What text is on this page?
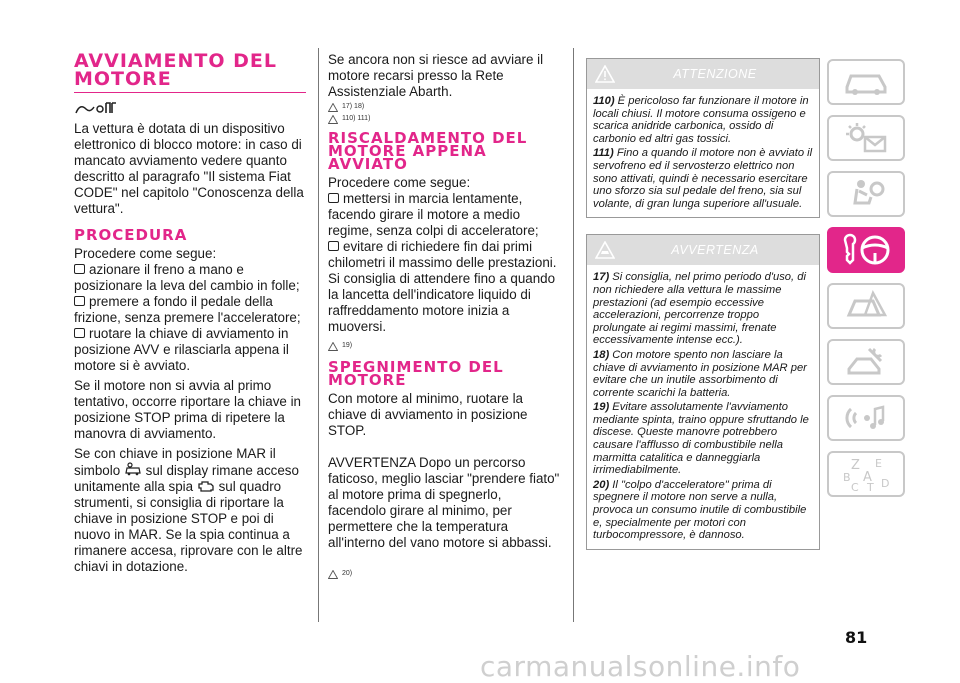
AVVIAMENTO DEL MOTORE

La vettura è dotata di un dispositivo elettronico di blocco motore: in caso di mancato avviamento vedere quanto descritto al paragrafo "Il sistema Fiat CODE" nel capitolo "Conoscenza della vettura".

PROCEDURA

Procedere come segue:

azionare il freno a mano e posizionare la leva del cambio in folle;

premere a fondo il pedale della frizione, senza premere l'acceleratore;

ruotare la chiave di avviamento in posizione AVV e rilasciarla appena il motore si è avviato.

Se il motore non si avvia al primo tentativo, occorre riportare la chiave in posizione STOP prima di ripetere la manovra di avviamento.

Se con chiave in posizione MAR il simbolo sul display rimane acceso unitamente alla spia sul quadro strumenti, si consiglia di riportare la chiave in posizione STOP e poi di nuovo in MAR. Se la spia continua a rimanere accesa, riprovare con le altre chiavi in dotazione.

Se ancora non si riesce ad avviare il motore recarsi presso la Rete Assistenziale Abarth.

17) 18)
110) 111)
RISCALDAMENTO DEL MOTORE APPENA AVVIATO

Procedere come segue:

mettersi in marcia lentamente, facendo girare il motore a medio regime, senza colpi di acceleratore;

evitare di richiedere fin dai primi chilometri il massimo delle prestazioni. Si consiglia di attendere fino a quando la lancetta dell'indicatore liquido di raffreddamento motore inizia a muoversi.

19)
SPEGNIMENTO DEL MOTORE

Con motore al minimo, ruotare la chiave di avviamento in posizione STOP.

AVVERTENZA Dopo un percorso faticoso, meglio lasciar "prendere fiato" al motore prima di spegnerlo, facendolo girare al minimo, per permettere che la temperatura all'interno del vano motore si abbassi.

20)
ATTENZIONE

110) È pericoloso far funzionare il motore in locali chiusi. Il motore consuma ossigeno e scarica anidride carbonica, ossido di carbonio ed altri gas tossici.

111) Fino a quando il motore non è avviato il servofreno ed il servosterzo elettrico non sono attivati, quindi è necessario esercitare uno sforzo sia sul pedale del freno, sia sul volante, di gran lunga superiore all'usuale.

AVVERTENZA

17) Si consiglia, nel primo periodo d'uso, di non richiedere alla vettura le massime prestazioni (ad esempio eccessive accelerazioni, percorrenze troppo prolungate ai regimi massimi, frenate eccessivamente intense ecc.).

18) Con motore spento non lasciare la chiave di avviamento in posizione MAR per evitare che un inutile assorbimento di corrente scarichi la batteria.

19) Evitare assolutamente l'avviamento mediante spinta, traino oppure sfruttando le discese. Queste manovre potrebbero causare l'afflusso di combustibile nella marmitta catalitica e danneggiarla irrimediabilmente.

20) Il "colpo d'acceleratore" prima di spegnere il motore non serve a nulla, provoca un consumo inutile di combustibile e, specialmente per motori con turbocompressore, è dannoso.

Z E
B A
C T D
81
carmanualsonline.info
